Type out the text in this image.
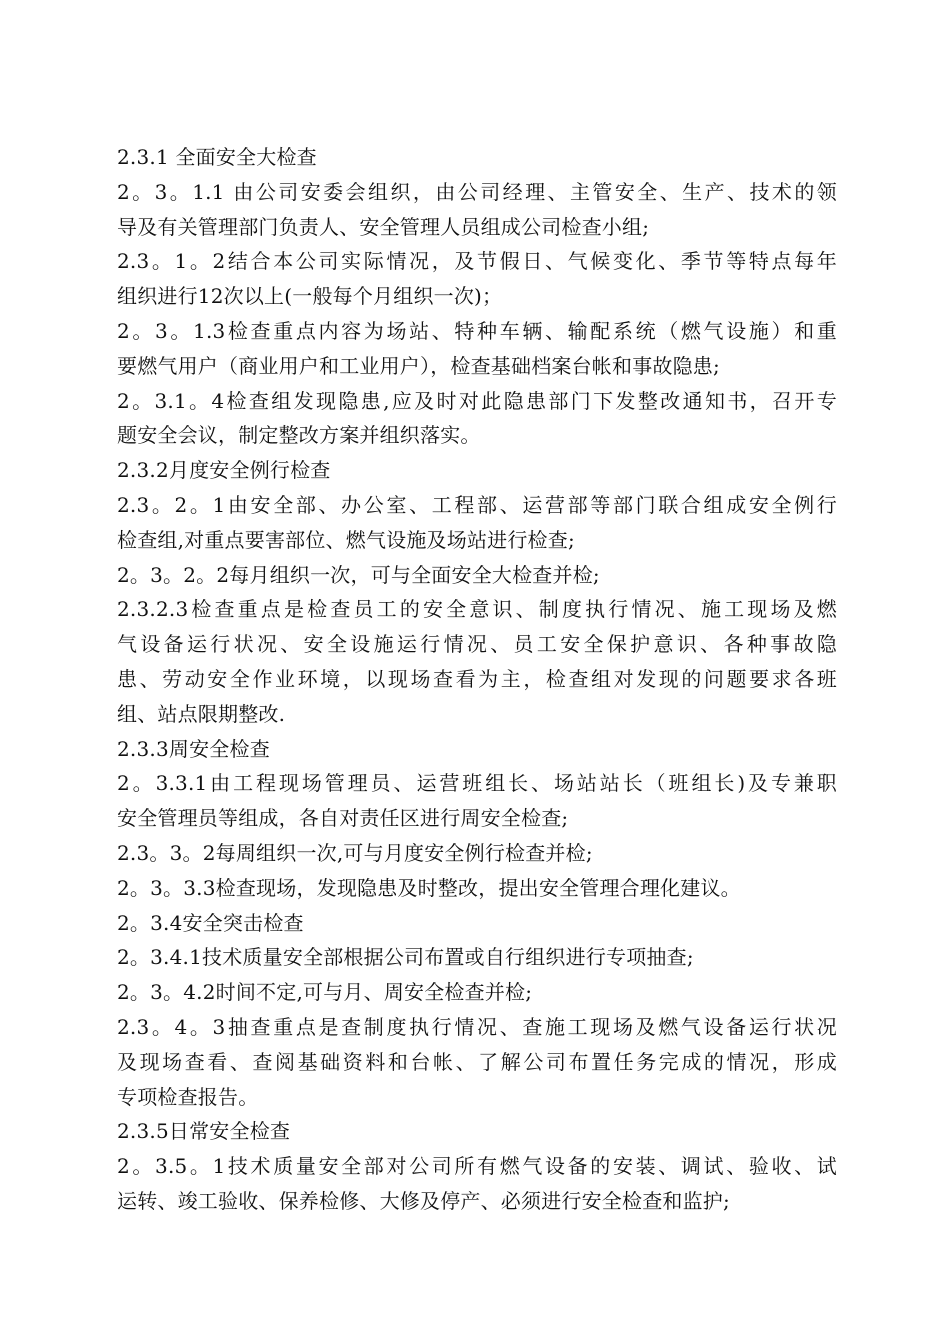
2.3.1 全面安全大检查
2。3。1.1 由公司安委会组织，由公司经理、主管安全、生产、技术的领
导及有关管理部门负责人、安全管理人员组成公司检查小组;
2.3。1。2结合本公司实际情况，及节假日、气候变化、季节等特点每年
组织进行12次以上(一般每个月组织一次)；
2。3。1.3检查重点内容为场站、特种车辆、输配系统（燃气设施）和重
要燃气用户（商业用户和工业用户），检查基础档案台帐和事故隐患;
2。3.1。4检查组发现隐患,应及时对此隐患部门下发整改通知书，召开专
题安全会议，制定整改方案并组织落实。
2.3.2月度安全例行检查
2.3。2。1由安全部、办公室、工程部、运营部等部门联合组成安全例行
检查组,对重点要害部位、燃气设施及场站进行检查;
2。3。2。2每月组织一次，可与全面安全大检查并检;
2.3.2.3检查重点是检查员工的安全意识、制度执行情况、施工现场及燃
气设备运行状况、安全设施运行情况、员工安全保护意识、各种事故隐
患、劳动安全作业环境，以现场查看为主，检查组对发现的问题要求各班
组、站点限期整改.
2.3.3周安全检查
2。3.3.1由工程现场管理员、运营班组长、场站站长（班组长)及专兼职
安全管理员等组成，各自对责任区进行周安全检查;
2.3。3。2每周组织一次,可与月度安全例行检查并检;
2。3。3.3检查现场，发现隐患及时整改，提出安全管理合理化建议。
2。3.4安全突击检查
2。3.4.1技术质量安全部根据公司布置或自行组织进行专项抽查;
2。3。4.2时间不定,可与月、周安全检查并检;
2.3。4。3抽查重点是查制度执行情况、查施工现场及燃气设备运行状况
及现场查看、查阅基础资料和台帐、了解公司布置任务完成的情况，形成
专项检查报告。
2.3.5日常安全检查
2。3.5。1技术质量安全部对公司所有燃气设备的安装、调试、验收、试
运转、竣工验收、保养检修、大修及停产、必须进行安全检查和监护;
